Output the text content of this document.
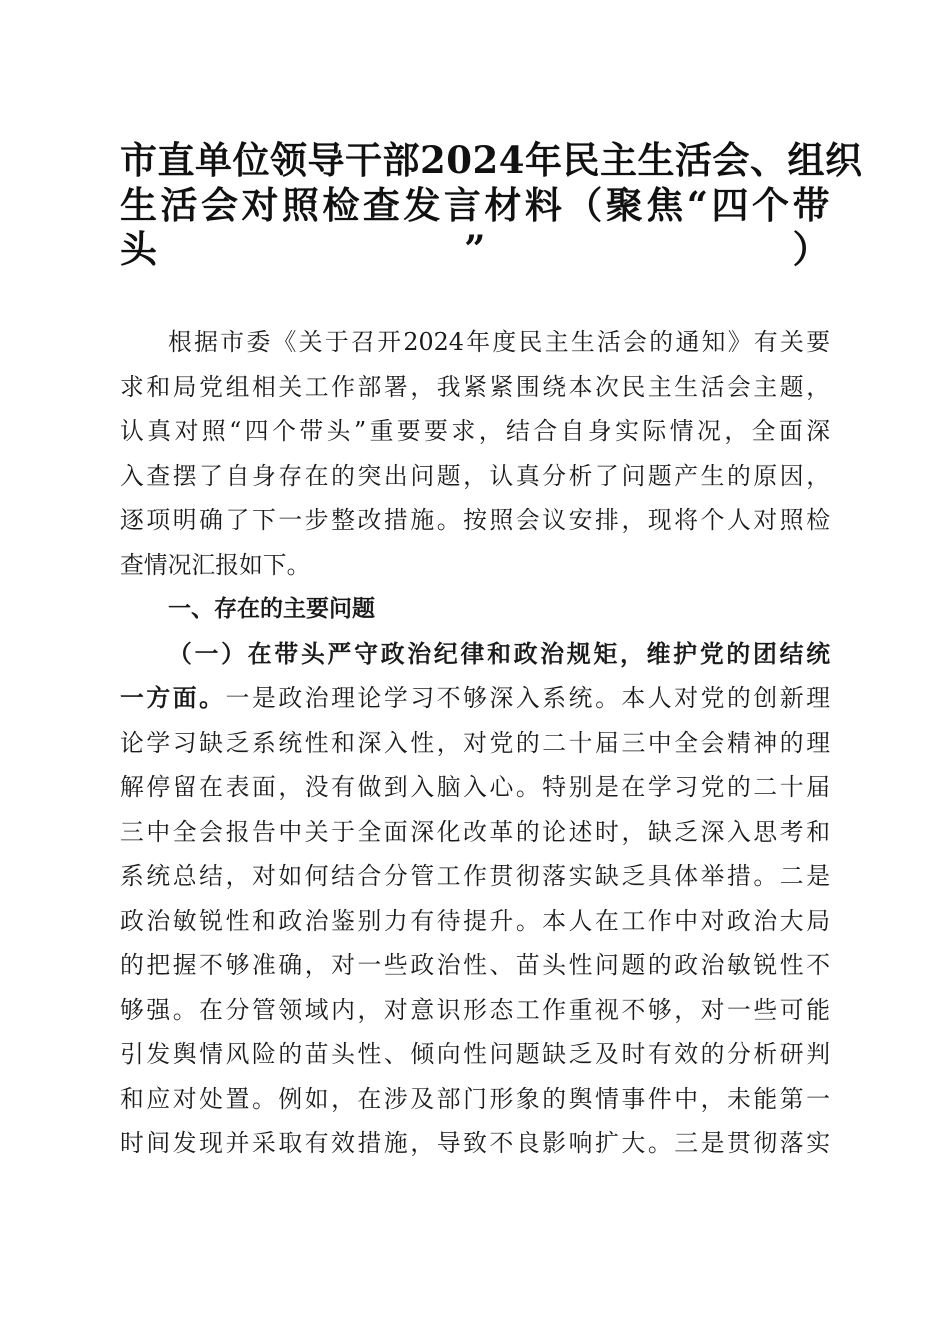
市直单位领导干部2024年民主生活会、组织
生活会对照检查发言材料（聚焦“四个带
头”）
根据市委《关于召开2024年度民主生活会的通知》有关要
求和局党组相关工作部署，我紧紧围绕本次民主生活会主题，
认真对照“四个带头”重要要求，结合自身实际情况，全面深
入查摆了自身存在的突出问题，认真分析了问题产生的原因，
逐项明确了下一步整改措施。按照会议安排，现将个人对照检
查情况汇报如下。
一、存在的主要问题
（一）在带头严守政治纪律和政治规矩，维护党的团结统
一方面。一是政治理论学习不够深入系统。本人对党的创新理
论学习缺乏系统性和深入性，对党的二十届三中全会精神的理
解停留在表面，没有做到入脑入心。特别是在学习党的二十届
三中全会报告中关于全面深化改革的论述时，缺乏深入思考和
系统总结，对如何结合分管工作贯彻落实缺乏具体举措。二是
政治敏锐性和政治鉴别力有待提升。本人在工作中对政治大局
的把握不够准确，对一些政治性、苗头性问题的政治敏锐性不
够强。在分管领域内，对意识形态工作重视不够，对一些可能
引发舆情风险的苗头性、倾向性问题缺乏及时有效的分析研判
和应对处置。例如，在涉及部门形象的舆情事件中，未能第一
时间发现并采取有效措施，导致不良影响扩大。三是贯彻落实
